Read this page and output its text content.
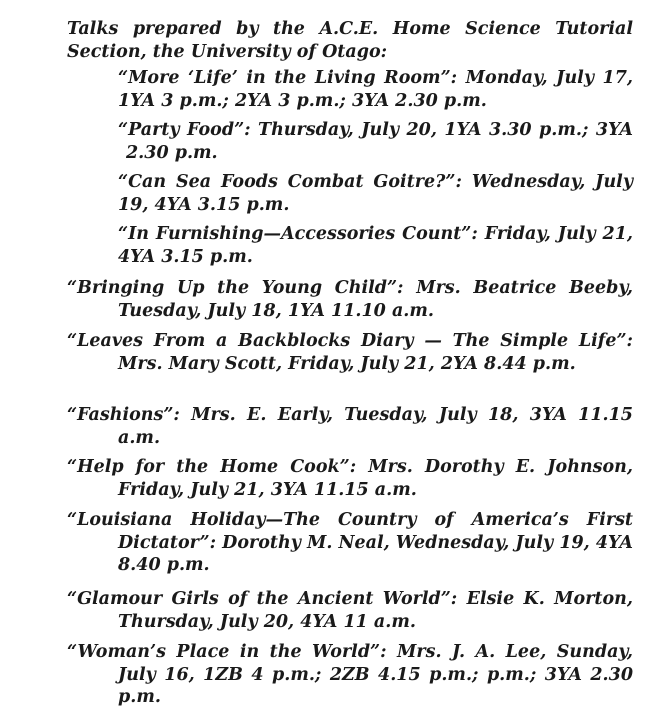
Talks prepared by the A.C.E. Home Science Tutorial Section, the University of Otago:

“More ‘Life’ in the Living Room”: Monday, July 17, 1YA 3 p.m.; 2YA 3 p.m.; 3YA 2.30 p.m.

“Party Food”: Thursday, July 20, 1YA 3.30 p.m.; 3YA 2.30 p.m.

“Can Sea Foods Combat Goitre?”: Wednesday, July 19, 4YA 3.15 p.m.

“In Furnishing—Accessories Count”: Friday, July 21, 4YA 3.15 p.m.

“Bringing Up the Young Child”: Mrs. Beatrice Beeby, Tuesday, July 18, 1YA 11.10 a.m.

“Leaves From a Backblocks Diary — The Simple Life”: Mrs. Mary Scott, Friday, July 21, 2YA 8.44 p.m.

“Fashions”: Mrs. E. Early, Tuesday, July 18, 3YA 11.15 a.m.

“Help for the Home Cook”: Mrs. Dorothy E. Johnson, Friday, July 21, 3YA 11.15 a.m.

“Louisiana Holiday—The Country of America’s First Dictator”: Dorothy M. Neal, Wednesday, July 19, 4YA 8.40 p.m.

“Glamour Girls of the Ancient World”: Elsie K. Morton, Thursday, July 20, 4YA 11 a.m.

“Woman’s Place in the World”: Mrs. J. A. Lee, Sunday, July 16, 1ZB 4 p.m.; 2ZB 4.15 p.m.; p.m.; 3YA 2.30 p.m.
